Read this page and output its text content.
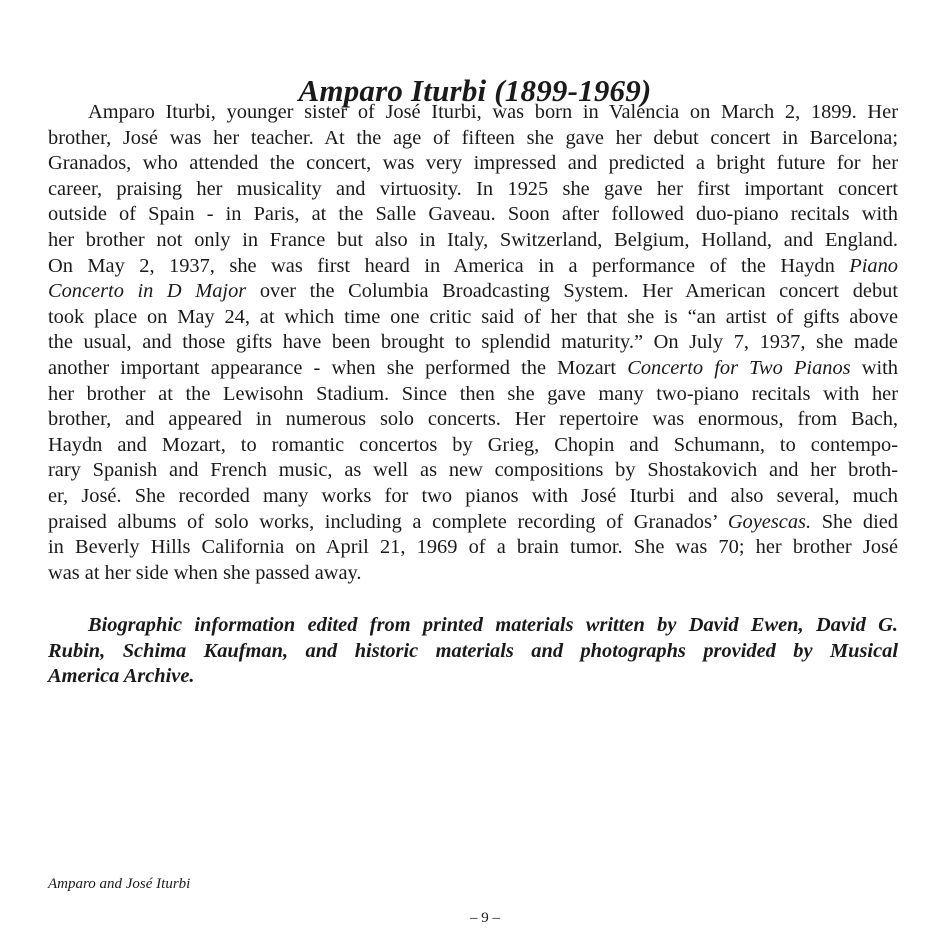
Amparo Iturbi (1899-1969)
Amparo Iturbi, younger sister of José Iturbi, was born in Valencia on March 2, 1899. Her
brother, José was her teacher. At the age of fifteen she gave her debut concert in Barcelona;
Granados, who attended the concert, was very impressed and predicted a bright future for her
career, praising her musicality and virtuosity. In 1925 she gave her first important concert
outside of Spain - in Paris, at the Salle Gaveau. Soon after followed duo-piano recitals with
her brother not only in France but also in Italy, Switzerland, Belgium, Holland, and England.
On May 2, 1937, she was first heard in America in a performance of the Haydn Piano
Concerto in D Major over the Columbia Broadcasting System. Her American concert debut
took place on May 24, at which time one critic said of her that she is “an artist of gifts above
the usual, and those gifts have been brought to splendid maturity.” On July 7, 1937, she made
another important appearance - when she performed the Mozart Concerto for Two Pianos with
her brother at the Lewisohn Stadium. Since then she gave many two-piano recitals with her
brother, and appeared in numerous solo concerts. Her repertoire was enormous, from Bach,
Haydn and Mozart, to romantic concertos by Grieg, Chopin and Schumann, to contempo-
rary Spanish and French music, as well as new compositions by Shostakovich and her broth-
er, José. She recorded many works for two pianos with José Iturbi and also several, much
praised albums of solo works, including a complete recording of Granados’ Goyescas. She died
in Beverly Hills California on April 21, 1969 of a brain tumor. She was 70; her brother José
was at her side when she passed away.
Biographic information edited from printed materials written by David Ewen, David G.
Rubin, Schima Kaufman, and historic materials and photographs provided by Musical
America Archive.
Amparo and José Iturbi
– 9 –
